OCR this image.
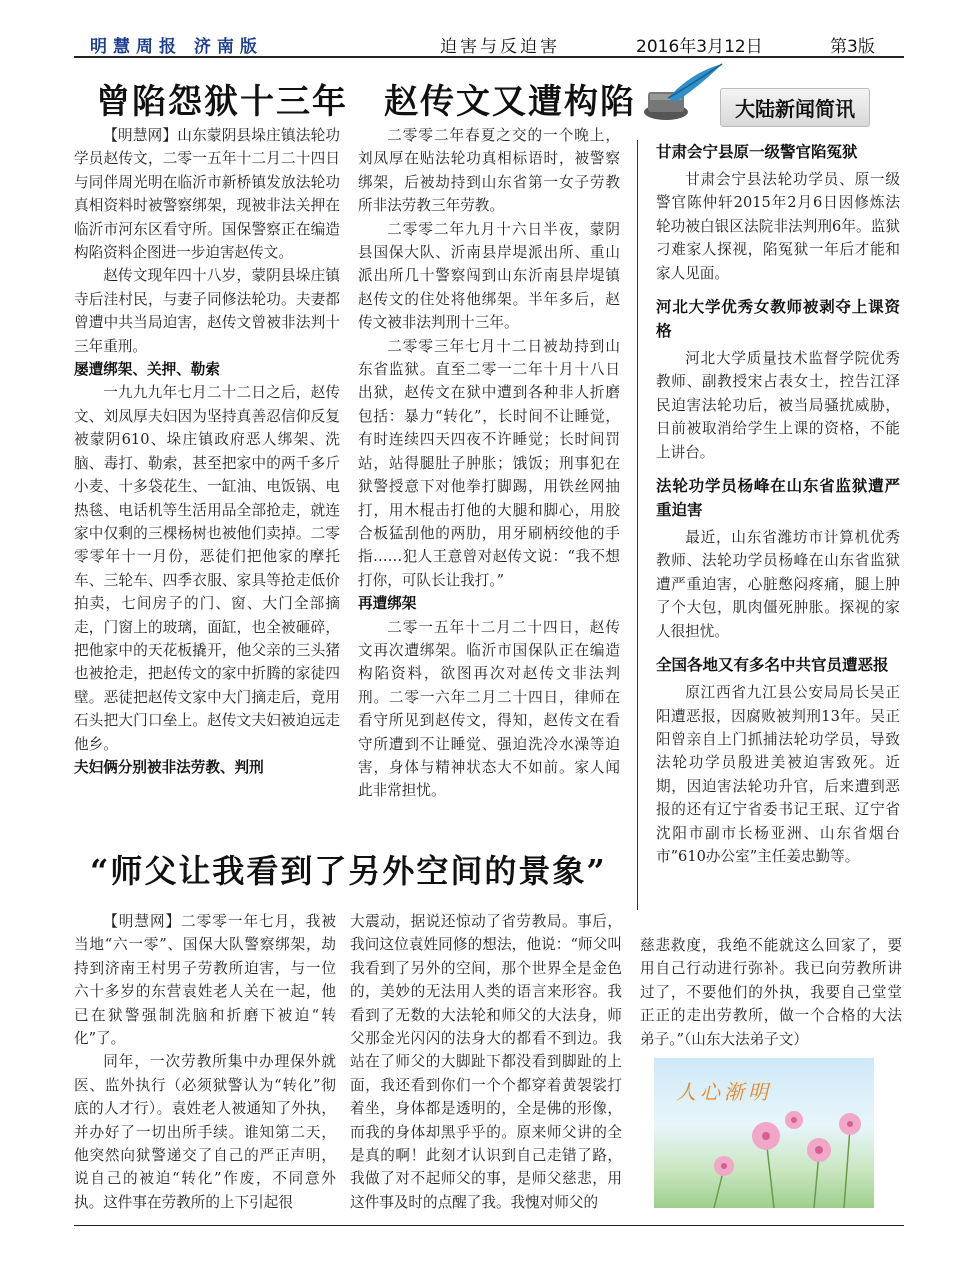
明慧周报 济南版	迫害与反迫害	2016年3月12日	第3版
曾陷怨狱十三年　赵传文又遭构陷

【明慧网】山东蒙阴县垛庄镇法轮功学员赵传文，二零一五年十二月二十四日与同伴周光明在临沂市新桥镇发放法轮功真相资料时被警察绑架，现被非法关押在临沂市河东区看守所。国保警察正在编造构陷资料企图进一步迫害赵传文。

赵传文现年四十八岁，蒙阴县垛庄镇寺后洼村民，与妻子同修法轮功。夫妻都曾遭中共当局迫害，赵传文曾被非法判十三年重刑。

屡遭绑架、关押、勒索

一九九九年七月二十二日之后，赵传文、刘凤厚夫妇因为坚持真善忍信仰反复被蒙阴610、垛庄镇政府恶人绑架、洗脑、毒打、勒索，甚至把家中的两千多斤小麦、十多袋花生、一缸油、电饭锅、电热毯、电话机等生活用品全部抢走，就连家中仅剩的三棵杨树也被他们卖掉。二零零零年十一月份，恶徒们把他家的摩托车、三轮车、四季衣服、家具等抢走低价拍卖，七间房子的门、窗、大门全部摘走，门窗上的玻璃，面缸，也全被砸碎，把他家中的天花板撬开，他父亲的三头猪也被抢走，把赵传文的家中折腾的家徒四壁。恶徒把赵传文家中大门摘走后，竟用石头把大门口垒上。赵传文夫妇被迫远走他乡。

夫妇俩分别被非法劳教、判刑

二零零二年春夏之交的一个晚上，刘凤厚在贴法轮功真相标语时，被警察绑架，后被劫持到山东省第一女子劳教所非法劳教三年劳教。

二零零二年九月十六日半夜，蒙阴县国保大队、沂南县岸堤派出所、重山派出所几十警察闯到山东沂南县岸堤镇赵传文的住处将他绑架。半年多后，赵传文被非法判刑十三年。

二零零三年七月十二日被劫持到山东省监狱。直至二零一二年十月十八日出狱，赵传文在狱中遭到各种非人折磨包括：暴力“转化”，长时间不让睡觉，有时连续四天四夜不许睡觉；长时间罚站，站得腿肚子肿胀；饿饭；刑事犯在狱警授意下对他拳打脚踢，用铁丝网抽打，用木棍击打他的大腿和脚心，用胶合板猛刮他的两肋，用牙刷柄绞他的手指……犯人王意曾对赵传文说：“我不想打你，可队长让我打。”

再遭绑架

二零一五年十二月二十四日，赵传文再次遭绑架。临沂市国保队正在编造构陷资料，欲图再次对赵传文非法判刑。二零一六年二月二十四日，律师在看守所见到赵传文，得知，赵传文在看守所遭到不让睡觉、强迫洗冷水澡等迫害，身体与精神状态大不如前。家人闻此非常担忧。

大陆新闻简讯
甘肃会宁县原一级警官陷冤狱

甘肃会宁县法轮功学员、原一级警官陈仲轩2015年2月6日因修炼法轮功被白银区法院非法判刑6年。监狱刁难家人探视，陷冤狱一年后才能和家人见面。

河北大学优秀女教师被剥夺上课资格

河北大学质量技术监督学院优秀教师、副教授宋占表女士，控告江泽民迫害法轮功后，被当局骚扰威胁，日前被取消给学生上课的资格，不能上讲台。

法轮功学员杨峰在山东省监狱遭严重迫害

最近，山东省潍坊市计算机优秀教师、法轮功学员杨峰在山东省监狱遭严重迫害，心脏憋闷疼痛，腿上肿了个大包，肌肉僵死肿胀。探视的家人很担忧。

全国各地又有多名中共官员遭恶报

原江西省九江县公安局局长吴正阳遭恶报，因腐败被判刑13年。吴正阳曾亲自上门抓捕法轮功学员，导致法轮功学员殷进美被迫害致死。近期，因迫害法轮功升官，后来遭到恶报的还有辽宁省委书记王珉、辽宁省沈阳市副市长杨亚洲、山东省烟台市”610办公室”主任姜忠勤等。

“师父让我看到了另外空间的景象”

【明慧网】二零零一年七月，我被当地“六一零”、国保大队警察绑架，劫持到济南王村男子劳教所迫害，与一位六十多岁的东营袁姓老人关在一起，他已在狱警强制洗脑和折磨下被迫“转化”了。

同年，一次劳教所集中办理保外就医、监外执行（必须狱警认为“转化”彻底的人才行）。袁姓老人被通知了外执，并办好了一切出所手续。谁知第二天，他突然向狱警递交了自己的严正声明，说自己的被迫“转化”作废，不同意外执。这件事在劳教所的上下引起很

大震动，据说还惊动了省劳教局。事后，我问这位袁姓同修的想法，他说：“师父叫我看到了另外的空间，那个世界全是金色的，美妙的无法用人类的语言来形容。我看到了无数的大法轮和师父的大法身，师父那金光闪闪的法身大的都看不到边。我站在了师父的大脚趾下都没看到脚趾的上面，我还看到你们一个个都穿着黄袈裟打着坐，身体都是透明的，全是佛的形像，而我的身体却黑乎乎的。原来师父讲的全是真的啊！此刻才认识到自己走错了路，我做了对不起师父的事，是师父慈悲，用这件事及时的点醒了我。我愧对师父的

慈悲救度，我绝不能就这么回家了，要用自己行动进行弥补。我已向劳教所讲过了，不要他们的外执，我要自己堂堂正正的走出劳教所，做一个合格的大法弟子。”（山东大法弟子文）

人心渐明
